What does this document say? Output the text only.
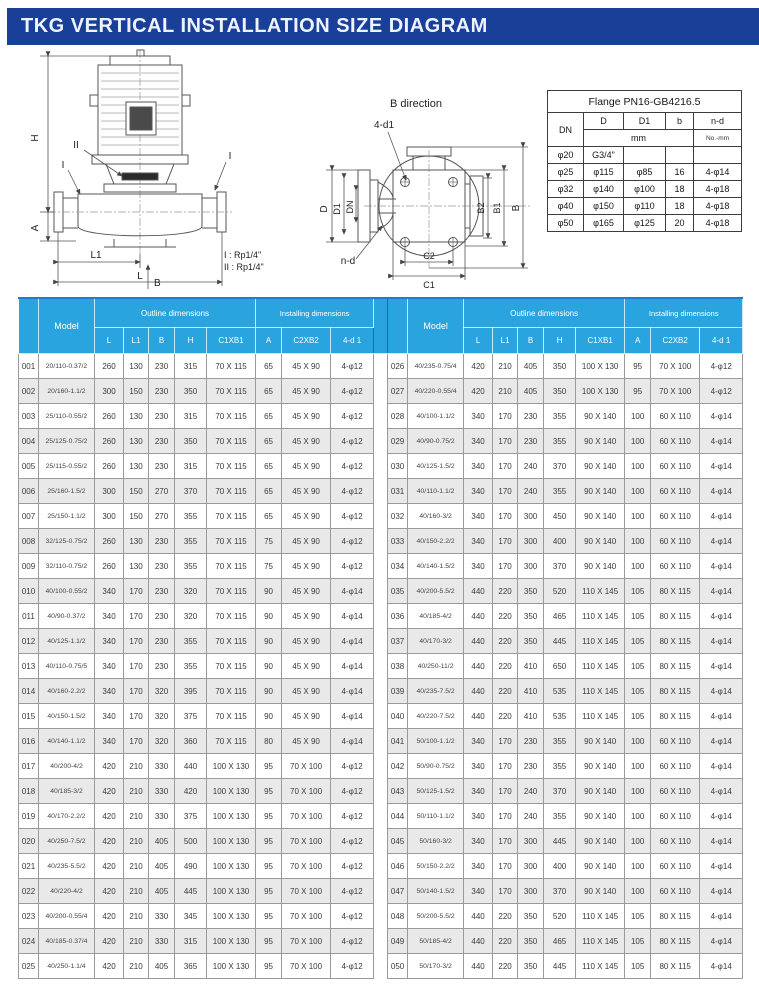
TKG VERTICAL INSTALLATION SIZE DIAGRAM
H
A
L1
L
B
II
I
I
I : Rp1/4"
II : Rp1/4"
B direction
4-d1
D D1 DN
n-d	C2
C1
B2 B1 B
Flange PN16-GB4216.5				
DN	D	D1	b	n-d
	mm			No.-mm
φ20	G3/4"			
φ25	φ115	φ85	16	4-φ14
φ32	φ140	φ100	18	4-φ18
φ40	φ150	φ110	18	4-φ18
φ50	φ165	φ125	20	4-φ18
	Model	Outline dimensions					Installing dimensions					Model	Outline dimensions					Installing dimensions		
		L	L1	B	H	C1XB1	A	C2XB2	4-d 1				L	L1	B	H	C1XB1	A	C2XB2	4-d 1
001	20/110-0.37/2	260	130	230	315	70 X 115	65	45 X 90	4-φ12		026	40/235-0.75/4	420	210	405	350	100 X 130	95	70 X 100	4-φ12
002	20/160-1.1/2	300	150	230	350	70 X 115	65	45 X 90	4-φ12		027	40/220-0.55/4	420	210	405	350	100 X 130	95	70 X 100	4-φ12
003	25/110-0.55/2	260	130	230	315	70 X 115	65	45 X 90	4-φ12		028	40/100-1.1/2	340	170	230	355	90 X 140	100	60 X 110	4-φ14
004	25/125-0.75/2	260	130	230	350	70 X 115	65	45 X 90	4-φ12		029	40/90-0.75/2	340	170	230	355	90 X 140	100	60 X 110	4-φ14
005	25/115-0.55/2	260	130	230	315	70 X 115	65	45 X 90	4-φ12		030	40/125-1.5/2	340	170	240	370	90 X 140	100	60 X 110	4-φ14
006	25/160-1.5/2	300	150	270	370	70 X 115	65	45 X 90	4-φ12		031	40/110-1.1/2	340	170	240	355	90 X 140	100	60 X 110	4-φ14
007	25/150-1.1/2	300	150	270	355	70 X 115	65	45 X 90	4-φ12		032	40/160-3/2	340	170	300	450	90 X 140	100	60 X 110	4-φ14
008	32/125-0.75/2	260	130	230	355	70 X 115	75	45 X 90	4-φ12		033	40/150-2.2/2	340	170	300	400	90 X 140	100	60 X 110	4-φ14
009	32/110-0.75/2	260	130	230	355	70 X 115	75	45 X 90	4-φ12		034	40/140-1.5/2	340	170	300	370	90 X 140	100	60 X 110	4-φ14
010	40/100-0.55/2	340	170	230	320	70 X 115	90	45 X 90	4-φ14		035	40/200-5.5/2	440	220	350	520	110 X 145	105	80 X 115	4-φ14
011	40/90-0.37/2	340	170	230	320	70 X 115	90	45 X 90	4-φ14		036	40/185-4/2	440	220	350	465	110 X 145	105	80 X 115	4-φ14
012	40/125-1.1/2	340	170	230	355	70 X 115	90	45 X 90	4-φ14		037	40/170-3/2	440	220	350	445	110 X 145	105	80 X 115	4-φ14
013	40/110-0.75/5	340	170	230	355	70 X 115	90	45 X 90	4-φ14		038	40/250-11/2	440	220	410	650	110 X 145	105	80 X 115	4-φ14
014	40/160-2.2/2	340	170	320	395	70 X 115	90	45 X 90	4-φ14		039	40/235-7.5/2	440	220	410	535	110 X 145	105	80 X 115	4-φ14
015	40/150-1.5/2	340	170	320	375	70 X 115	90	45 X 90	4-φ14		040	40/220-7.5/2	440	220	410	535	110 X 145	105	80 X 115	4-φ14
016	40/140-1.1/2	340	170	320	360	70 X 115	80	45 X 90	4-φ14		041	50/100-1.1/2	340	170	230	355	90 X 140	100	60 X 110	4-φ14
017	40/200-4/2	420	210	330	440	100 X 130	95	70 X 100	4-φ12		042	50/90-0.75/2	340	170	230	355	90 X 140	100	60 X 110	4-φ14
018	40/185-3/2	420	210	330	420	100 X 130	95	70 X 100	4-φ12		043	50/125-1.5/2	340	170	240	370	90 X 140	100	60 X 110	4-φ14
019	40/170-2.2/2	420	210	330	375	100 X 130	95	70 X 100	4-φ12		044	50/110-1.1/2	340	170	240	355	90 X 140	100	60 X 110	4-φ14
020	40/250-7.5/2	420	210	405	500	100 X 130	95	70 X 100	4-φ12		045	50/160-3/2	340	170	300	445	90 X 140	100	60 X 110	4-φ14
021	40/235-5.5/2	420	210	405	490	100 X 130	95	70 X 100	4-φ12		046	50/150-2.2/2	340	170	300	400	90 X 140	100	60 X 110	4-φ14
022	40/220-4/2	420	210	405	445	100 X 130	95	70 X 100	4-φ12		047	50/140-1.5/2	340	170	300	370	90 X 140	100	60 X 110	4-φ14
023	40/200-0.55/4	420	210	330	345	100 X 130	95	70 X 100	4-φ12		048	50/200-5.5/2	440	220	350	520	110 X 145	105	80 X 115	4-φ14
024	40/185-0.37/4	420	210	330	315	100 X 130	95	70 X 100	4-φ12		049	50/185-4/2	440	220	350	465	110 X 145	105	80 X 115	4-φ14
025	40/250-1.1/4	420	210	405	365	100 X 130	95	70 X 100	4-φ12		050	50/170-3/2	440	220	350	445	110 X 145	105	80 X 115	4-φ14
